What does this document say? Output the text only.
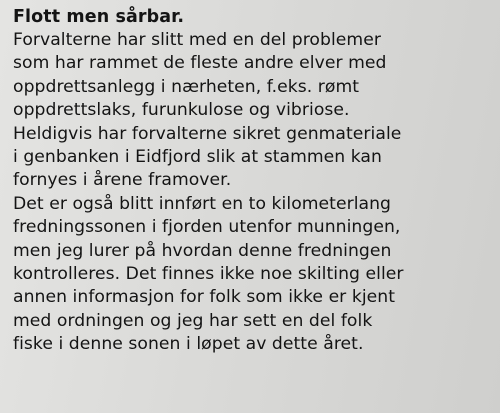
Flott men sårbar.

Forvalterne har slitt med en del problemer

som har rammet de fleste andre elver med

oppdrettsanlegg i nærheten, f.eks. rømt

oppdrettslaks, furunkulose og vibriose.

Heldigvis har forvalterne sikret genmateriale

i genbanken i Eidfjord slik at stammen kan

fornyes i årene framover.

Det er også blitt innført en to kilometerlang

fredningssonen i fjorden utenfor munningen,

men jeg lurer på hvordan denne fredningen

kontrolleres. Det finnes ikke noe skilting eller

annen informasjon for folk som ikke er kjent

med ordningen og jeg har sett en del folk

fiske i denne sonen i løpet av dette året.
